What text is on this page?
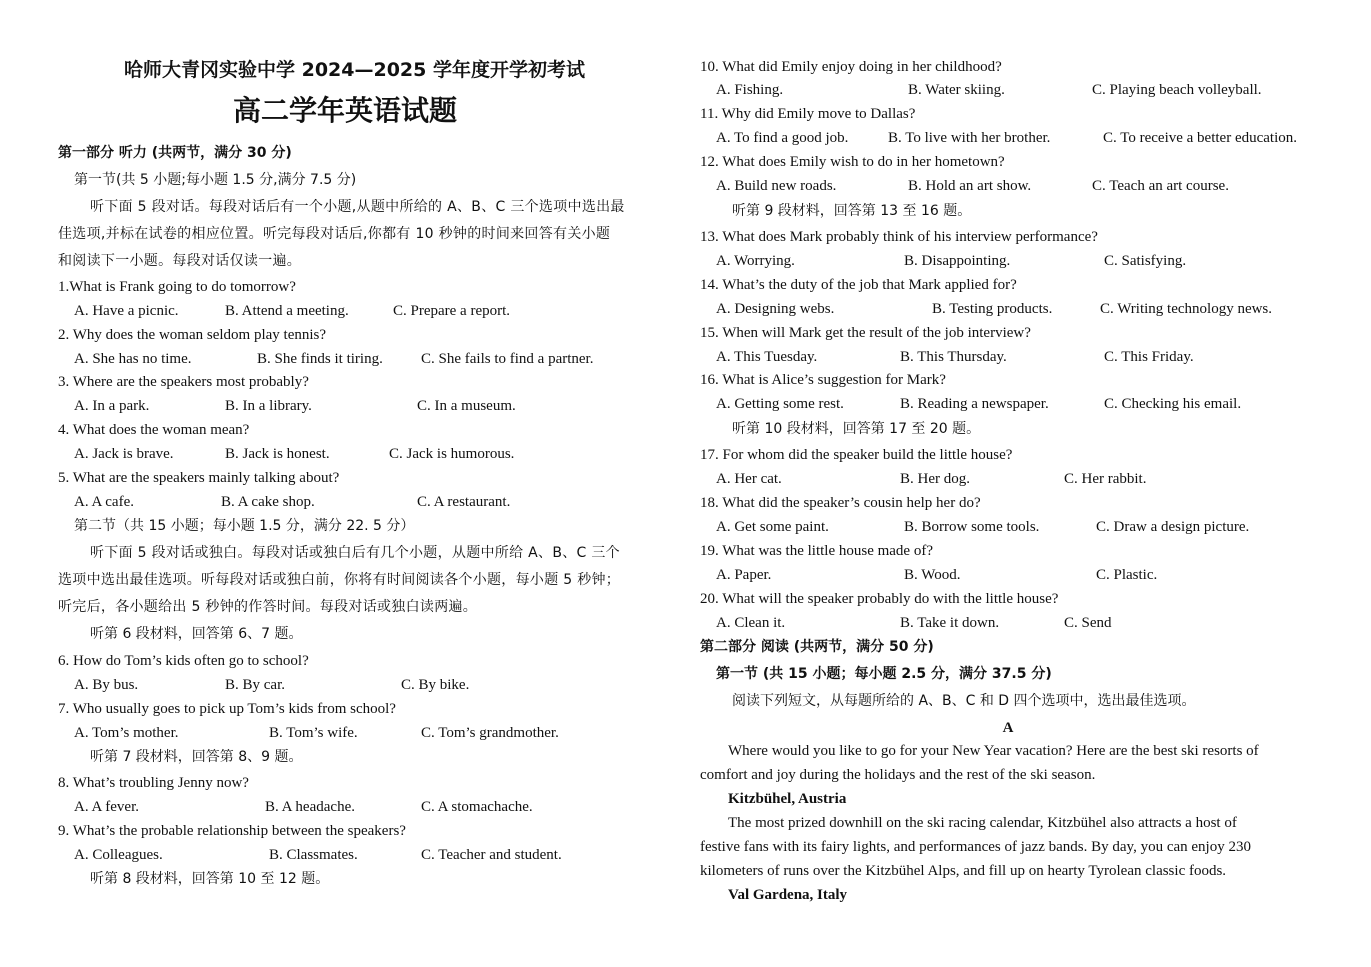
哈师大青冈实验中学 2024—2025 学年度开学初考试
高二学年英语试题
第一部分 听力 (共两节，满分 30 分)
第一节(共 5 小题;每小题 1.5 分,满分 7.5 分)
听下面 5 段对话。每段对话后有一个小题,从题中所给的 A、B、C 三个选项中选出最
佳选项,并标在试卷的相应位置。听完每段对话后,你都有 10 秒钟的时间来回答有关小题
和阅读下一小题。每段对话仅读一遍。
1.What is Frank going to do tomorrow?
A. Have a picnic.	B. Attend a meeting.	C. Prepare a report.
2. Why does the woman seldom play tennis?
A. She has no time.	B. She finds it tiring.	C. She fails to find a partner.
3. Where are the speakers most probably?
A. In a park.	B. In a library.	C. In a museum.
4. What does the woman mean?
A. Jack is brave.	B. Jack is honest.	C. Jack is humorous.
5. What are the speakers mainly talking about?
A. A cafe.	B. A cake shop.	C. A restaurant.
第二节（共 15 小题；每小题 1.5 分，满分 22. 5 分）
听下面 5 段对话或独白。每段对话或独白后有几个小题，从题中所给 A、B、C 三个
选项中选出最佳选项。听每段对话或独白前，你将有时间阅读各个小题，每小题 5 秒钟；
听完后，各小题给出 5 秒钟的作答时间。每段对话或独白读两遍。
听第 6 段材料，回答第 6、7 题。
6. How do Tom’s kids often go to school?
A. By bus.	B. By car.	C. By bike.
7. Who usually goes to pick up Tom’s kids from school?
A. Tom’s mother.	B. Tom’s wife.	C. Tom’s grandmother.
听第 7 段材料，回答第 8、9 题。
8. What’s troubling Jenny now?
A. A fever.	B. A headache.	C. A stomachache.
9. What’s the probable relationship between the speakers?
A. Colleagues.	B. Classmates.	C. Teacher and student.
听第 8 段材料，回答第 10 至 12 题。
10. What did Emily enjoy doing in her childhood?
A. Fishing.	B. Water skiing.	C. Playing beach volleyball.
11. Why did Emily move to Dallas?
A. To find a good job.	B. To live with her brother.	C. To receive a better education.
12. What does Emily wish to do in her hometown?
A. Build new roads.	B. Hold an art show.	C. Teach an art course.
听第 9 段材料，回答第 13 至 16 题。
13. What does Mark probably think of his interview performance?
A. Worrying.	B. Disappointing.	C. Satisfying.
14. What’s the duty of the job that Mark applied for?
A. Designing webs.	B. Testing products.	C. Writing technology news.
15. When will Mark get the result of the job interview?
A. This Tuesday.	B. This Thursday.	C. This Friday.
16. What is Alice’s suggestion for Mark?
A. Getting some rest.	B. Reading a newspaper.	C. Checking his email.
听第 10 段材料，回答第 17 至 20 题。
17. For whom did the speaker build the little house?
A. Her cat.	B. Her dog.	C. Her rabbit.
18. What did the speaker’s cousin help her do?
A. Get some paint.	B. Borrow some tools.	C. Draw a design picture.
19. What was the little house made of?
A. Paper.	B. Wood.	C. Plastic.
20. What will the speaker probably do with the little house?
A. Clean it.	B. Take it down.	C. Send
第二部分 阅读 (共两节，满分 50 分)
第一节 (共 15 小题；每小题 2.5 分，满分 37.5 分)
阅读下列短文，从每题所给的 A、B、C 和 D 四个选项中，选出最佳选项。
A
Where would you like to go for your New Year vacation? Here are the best ski resorts of
comfort and joy during the holidays and the rest of the ski season.
Kitzbühel, Austria
The most prized downhill on the ski racing calendar, Kitzbühel also attracts a host of
festive fans with its fairy lights, and performances of jazz bands. By day, you can enjoy 230
kilometers of runs over the Kitzbühel Alps, and fill up on hearty Tyrolean classic foods.
Val Gardena, Italy
